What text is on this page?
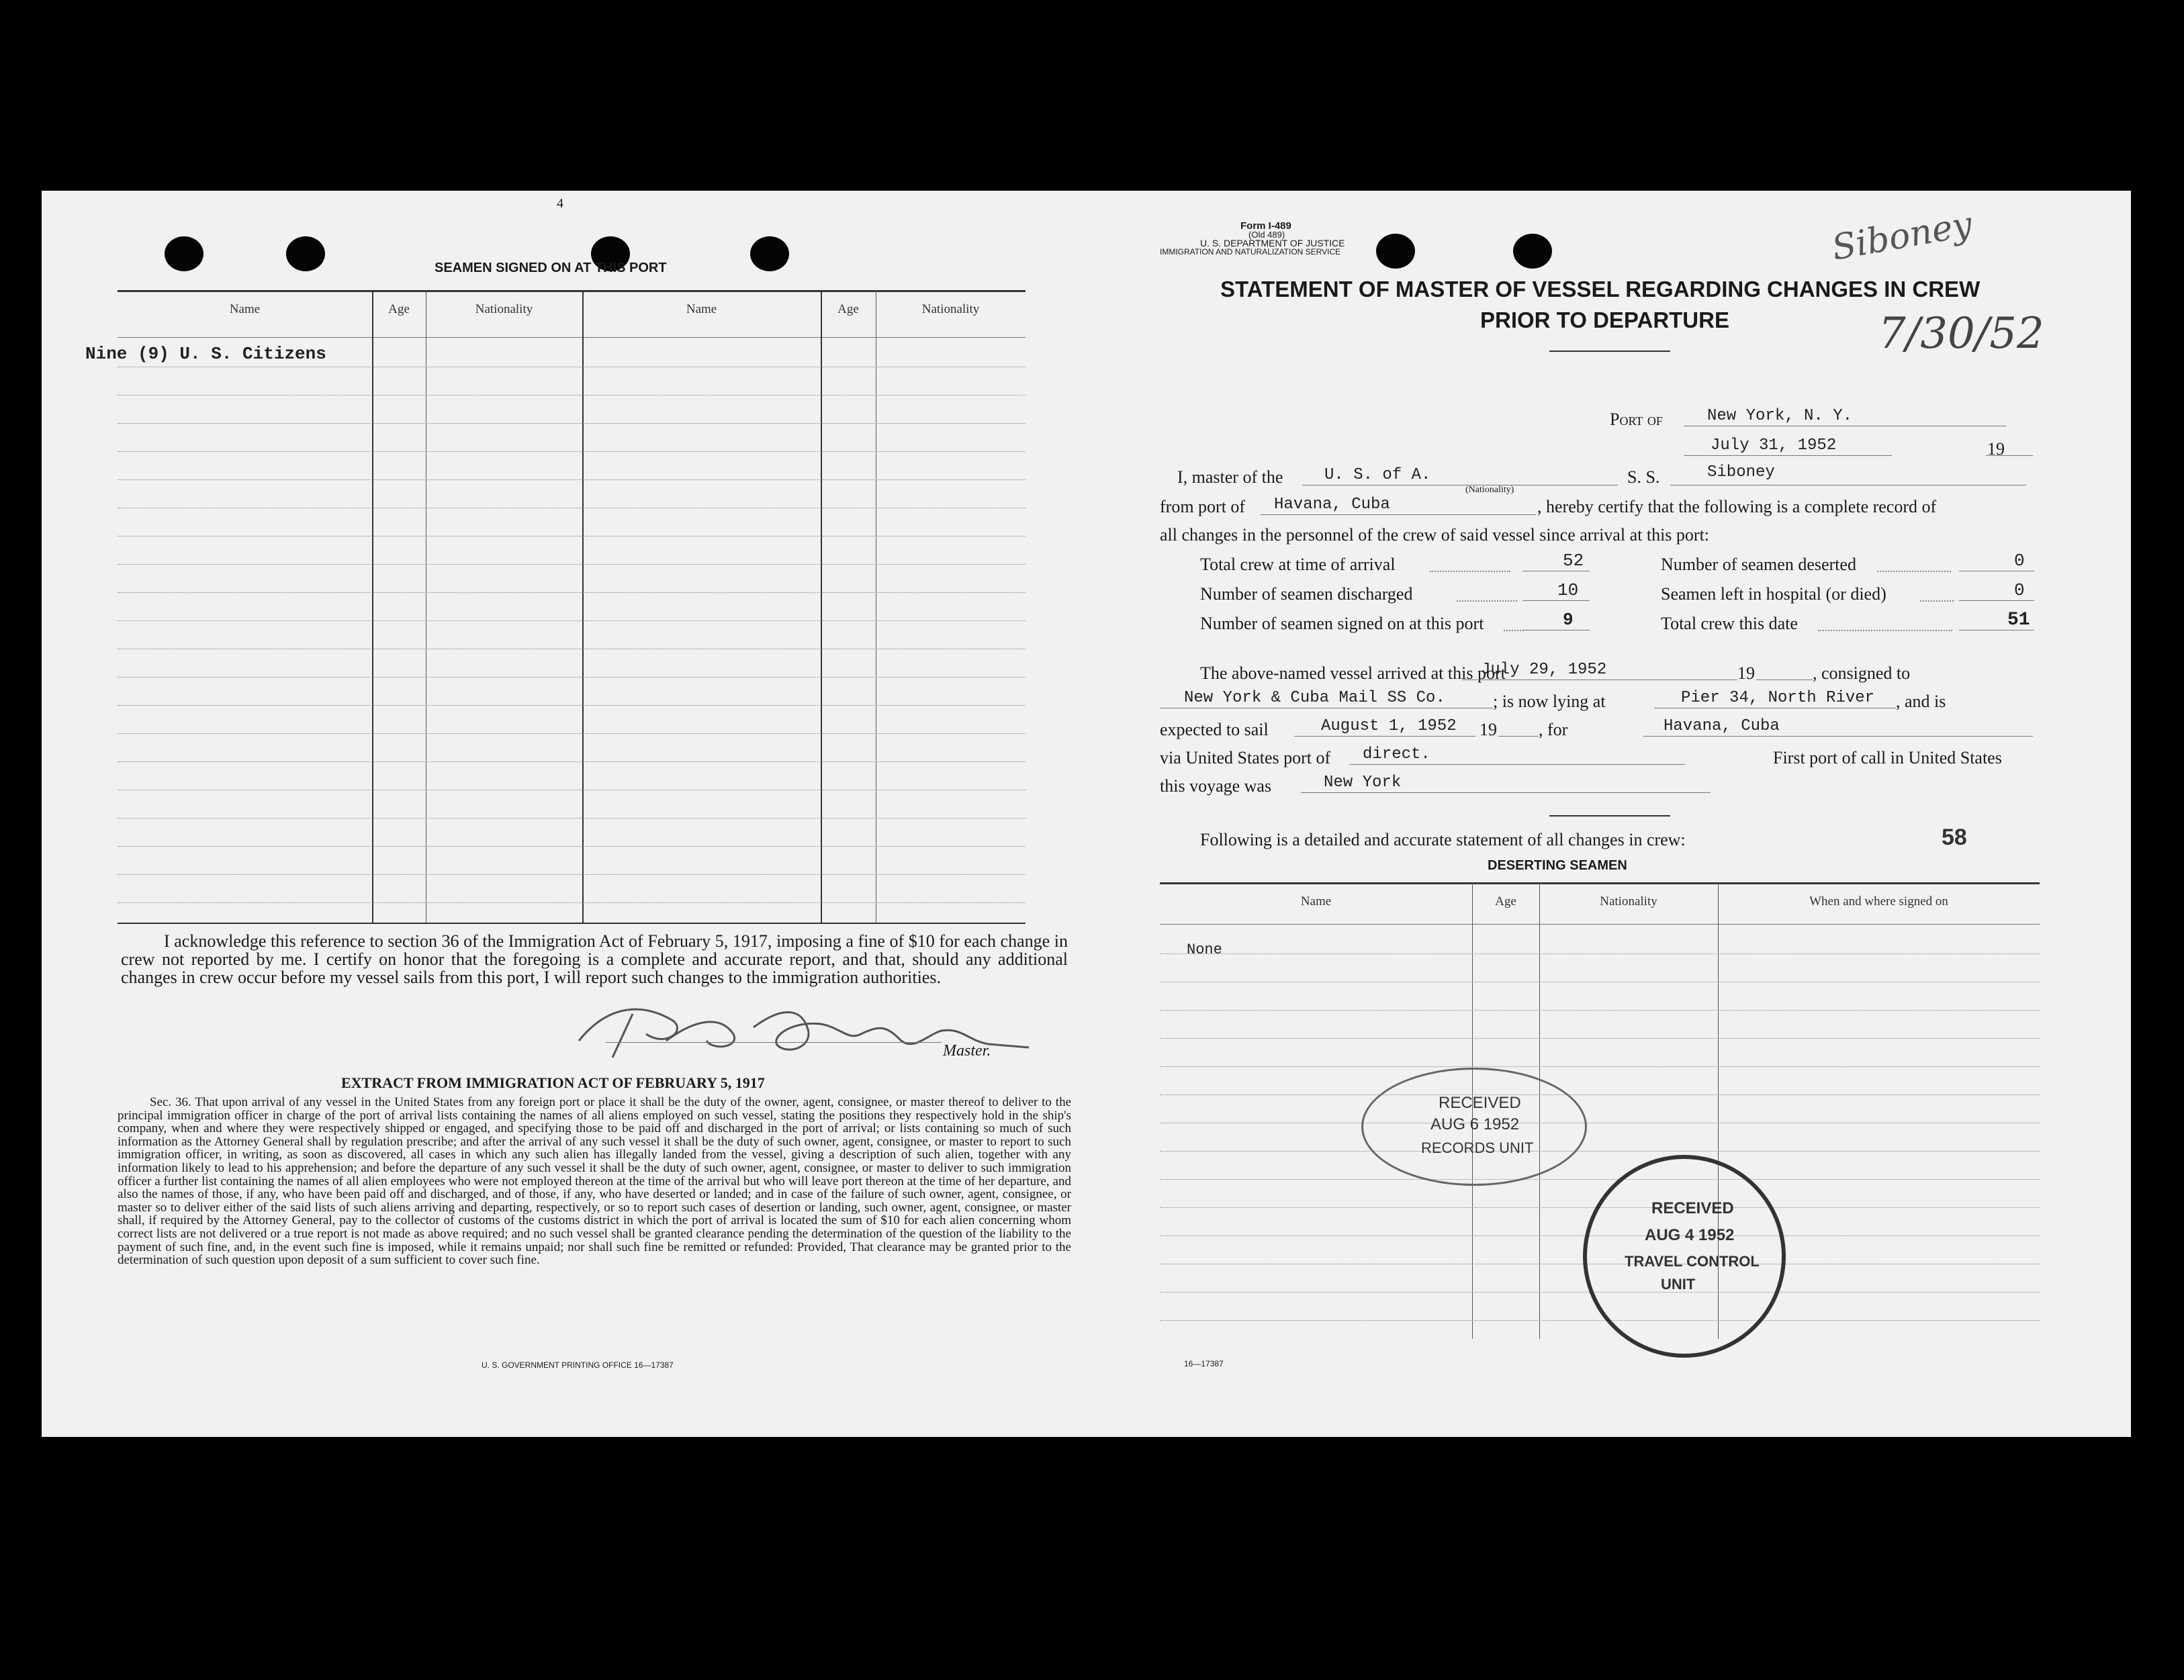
4
SEAMEN SIGNED ON AT THIS PORT
Name	Age	Nationality	Name	Age	Nationality
Nine (9) U. S. Citizens
I acknowledge this reference to section 36 of the Immigration Act of February 5, 1917, imposing a fine of $10 for each change in crew not reported by me. I certify on honor that the foregoing is a complete and accurate report, and that, should any additional changes in crew occur before my vessel sails from this port, I will report such changes to the immigration authorities.
F. A. Chase
Master.
EXTRACT FROM IMMIGRATION ACT OF FEBRUARY 5, 1917
Sec. 36. That upon arrival of any vessel in the United States from any foreign port or place it shall be the duty of the owner, agent, consignee, or master thereof to deliver to the principal immigration officer in charge of the port of arrival lists containing the names of all aliens employed on such vessel, stating the positions they respectively hold in the ship's company, when and where they were respectively shipped or engaged, and specifying those to be paid off and discharged in the port of arrival; or lists containing so much of such information as the Attorney General shall by regulation prescribe; and after the arrival of any such vessel it shall be the duty of such owner, agent, consignee, or master to report to such immigration officer, in writing, as soon as discovered, all cases in which any such alien has illegally landed from the vessel, giving a description of such alien, together with any information likely to lead to his apprehension; and before the departure of any such vessel it shall be the duty of such owner, agent, consignee, or master to deliver to such immigration officer a further list containing the names of all alien employees who were not employed thereon at the time of the arrival but who will leave port thereon at the time of her departure, and also the names of those, if any, who have been paid off and discharged, and of those, if any, who have deserted or landed; and in case of the failure of such owner, agent, consignee, or master so to deliver either of the said lists of such aliens arriving and departing, respectively, or so to report such cases of desertion or landing, such owner, agent, consignee, or master shall, if required by the Attorney General, pay to the collector of customs of the customs district in which the port of arrival is located the sum of $10 for each alien concerning whom correct lists are not delivered or a true report is not made as above required; and no such vessel shall be granted clearance pending the determination of the question of the liability to the payment of such fine, and, in the event such fine is imposed, while it remains unpaid; nor shall such fine be remitted or refunded: Provided, That clearance may be granted prior to the determination of such question upon deposit of a sum sufficient to cover such fine.
U. S. GOVERNMENT PRINTING OFFICE 16—17387
Form I-489
(Old 489)
U. S. DEPARTMENT OF JUSTICE
IMMIGRATION AND NATURALIZATION SERVICE
STATEMENT OF MASTER OF VESSEL REGARDING CHANGES IN CREW
PRIOR TO DEPARTURE
Siboney
7/30/52
Port of	New York, N. Y.
July 31, 1952	19
I, master of the	U. S. of A.
(Nationality)
S. S.	Siboney
from port of Havana, Cuba	, hereby certify that the following is a complete record of
all changes in the personnel of the crew of said vessel since arrival at this port:
Total crew at time of arrival	52	Number of seamen deserted	0
Number of seamen discharged	10	Seamen left in hospital (or died)	0
Number of seamen signed on at this port	9	Total crew this date	51
The above-named vessel arrived at this port
July 29, 1952	19	, consigned to
New York & Cuba Mail SS Co.	; is now lying at	Pier 34, North River , and is
expected to sail	August 1, 1952 19 , for	Havana, Cuba
via United States port of direct.	First port of call in United States
this voyage was	New York
Following is a detailed and accurate statement of all changes in crew:	58
DESERTING SEAMEN
Name	Age	Nationality	When and where signed on
None
RECEIVED
AUG 6 1952
RECORDS UNIT
RECEIVED
AUG 4 1952
TRAVEL CONTROL
UNIT
16—17387
